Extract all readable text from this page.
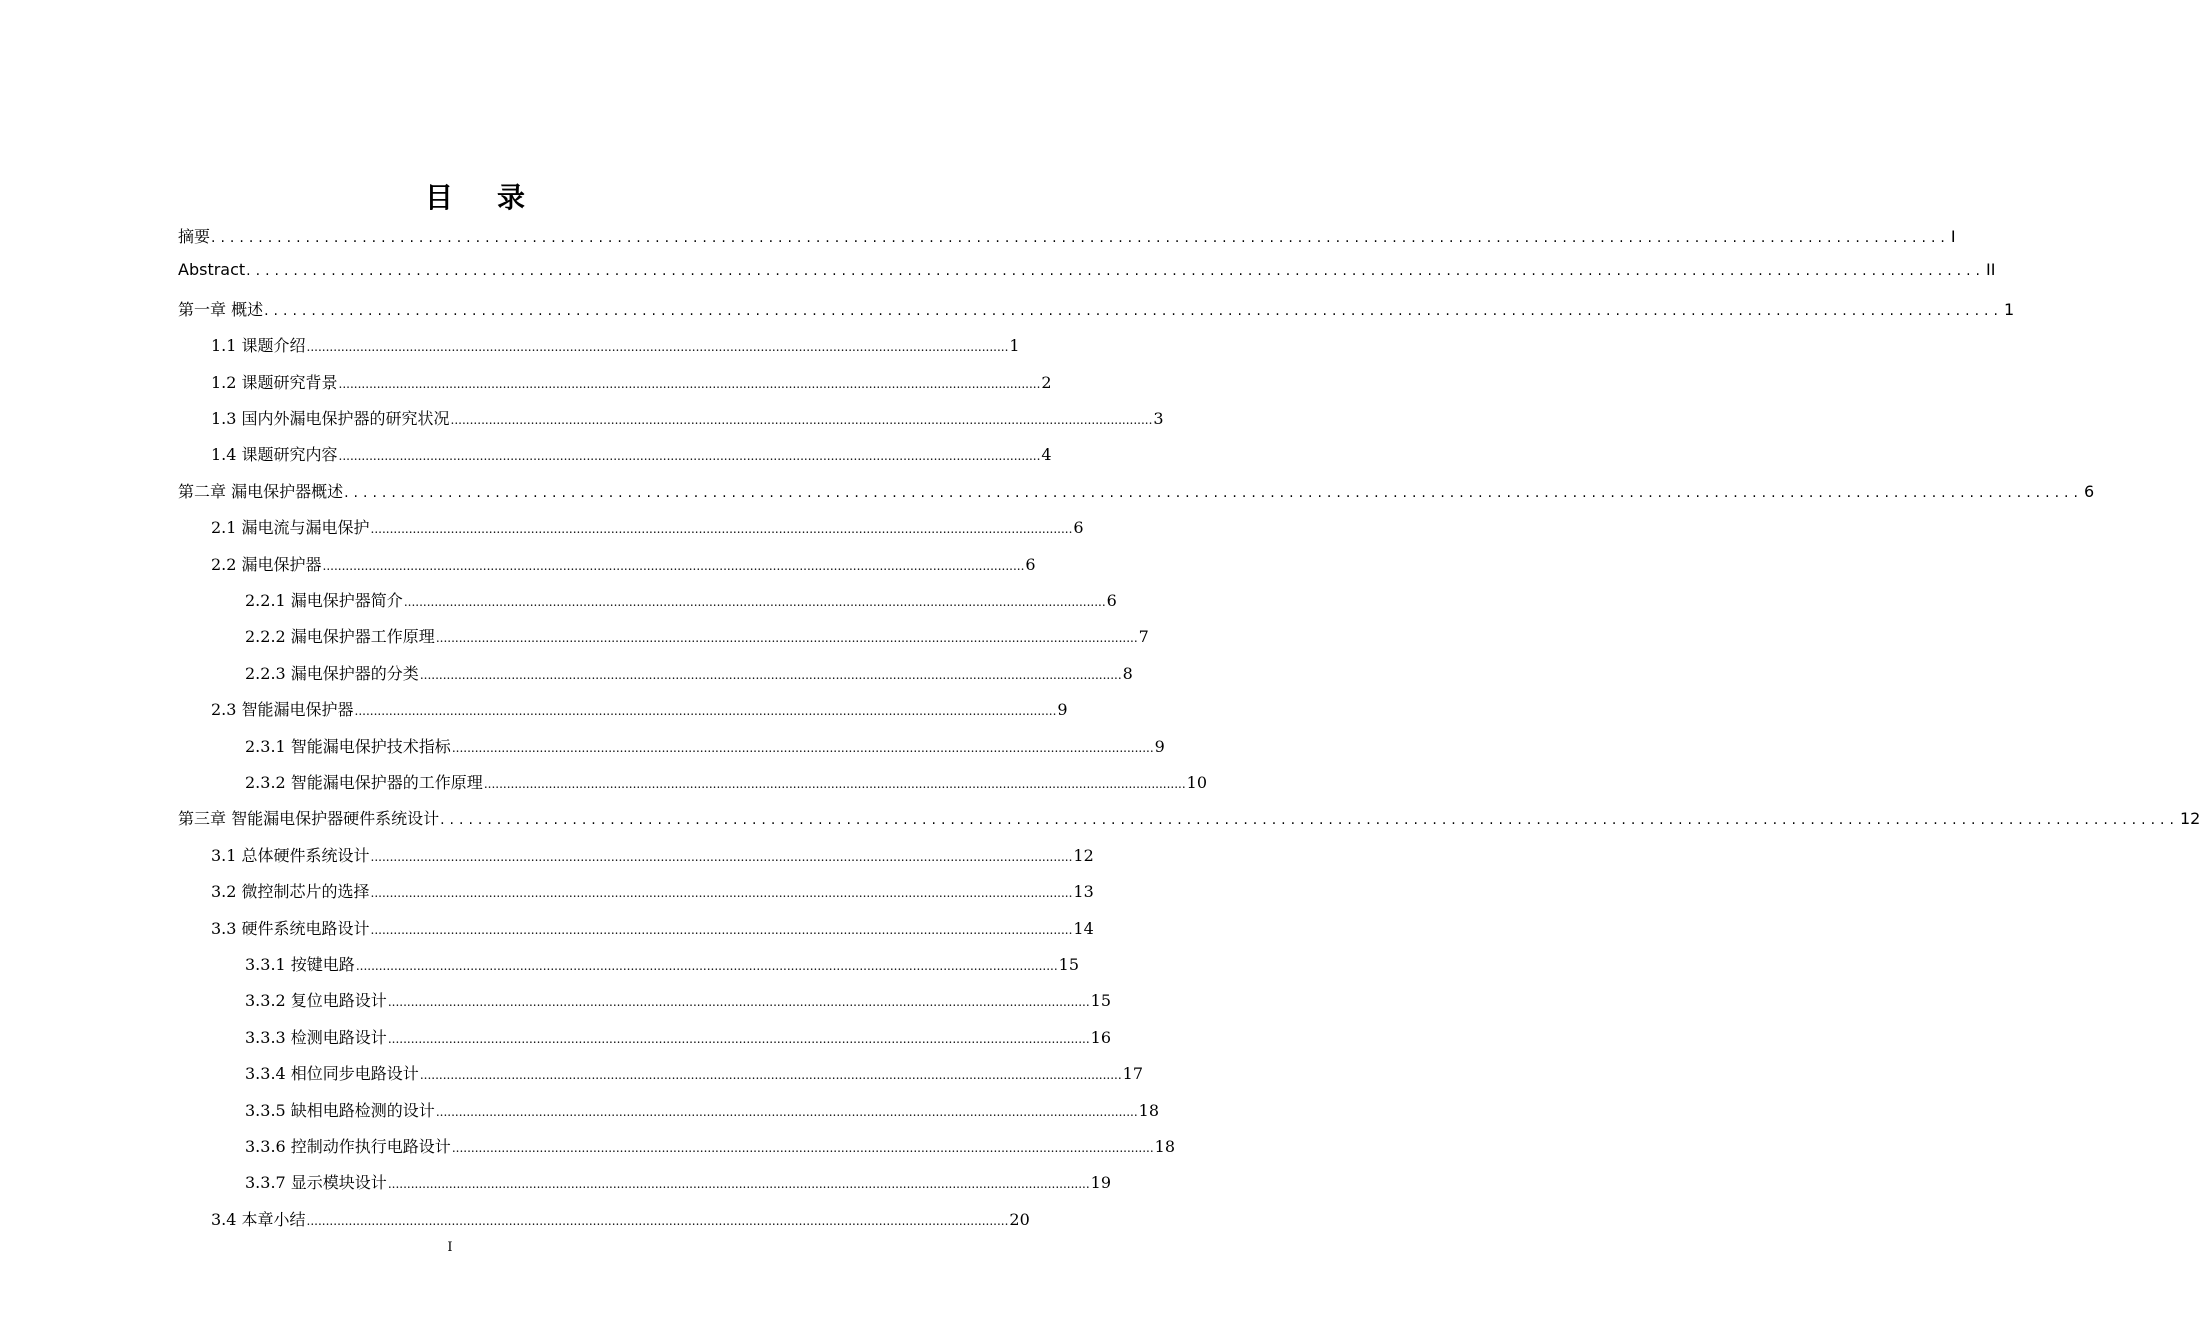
目录
摘要 ........................................................................................................................................................................................ I
Abstract ........................................................................................................................................................................................ II
第一章 概述 ........................................................................................................................................................................................ 1
1.1 课题介绍 ........................................................................................................................................................................................ 1
1.2 课题研究背景 ........................................................................................................................................................................................ 2
1.3 国内外漏电保护器的研究状况 ........................................................................................................................................................................................ 3
1.4 课题研究内容 ........................................................................................................................................................................................ 4
第二章 漏电保护器概述 ........................................................................................................................................................................................ 6
2.1 漏电流与漏电保护 ........................................................................................................................................................................................ 6
2.2 漏电保护器 ........................................................................................................................................................................................ 6
2.2.1 漏电保护器简介 ........................................................................................................................................................................................ 6
2.2.2 漏电保护器工作原理 ........................................................................................................................................................................................ 7
2.2.3 漏电保护器的分类 ........................................................................................................................................................................................ 8
2.3 智能漏电保护器 ........................................................................................................................................................................................ 9
2.3.1 智能漏电保护技术指标 ........................................................................................................................................................................................ 9
2.3.2 智能漏电保护器的工作原理 ........................................................................................................................................................................................ 10
第三章 智能漏电保护器硬件系统设计 ........................................................................................................................................................................................ 12
3.1 总体硬件系统设计 ........................................................................................................................................................................................ 12
3.2 微控制芯片的选择 ........................................................................................................................................................................................ 13
3.3 硬件系统电路设计 ........................................................................................................................................................................................ 14
3.3.1 按键电路 ........................................................................................................................................................................................ 15
3.3.2 复位电路设计 ........................................................................................................................................................................................ 15
3.3.3 检测电路设计 ........................................................................................................................................................................................ 16
3.3.4 相位同步电路设计 ........................................................................................................................................................................................ 17
3.3.5 缺相电路检测的设计 ........................................................................................................................................................................................ 18
3.3.6 控制动作执行电路设计 ........................................................................................................................................................................................ 18
3.3.7 显示模块设计 ........................................................................................................................................................................................ 19
3.4 本章小结 ........................................................................................................................................................................................ 20
I
